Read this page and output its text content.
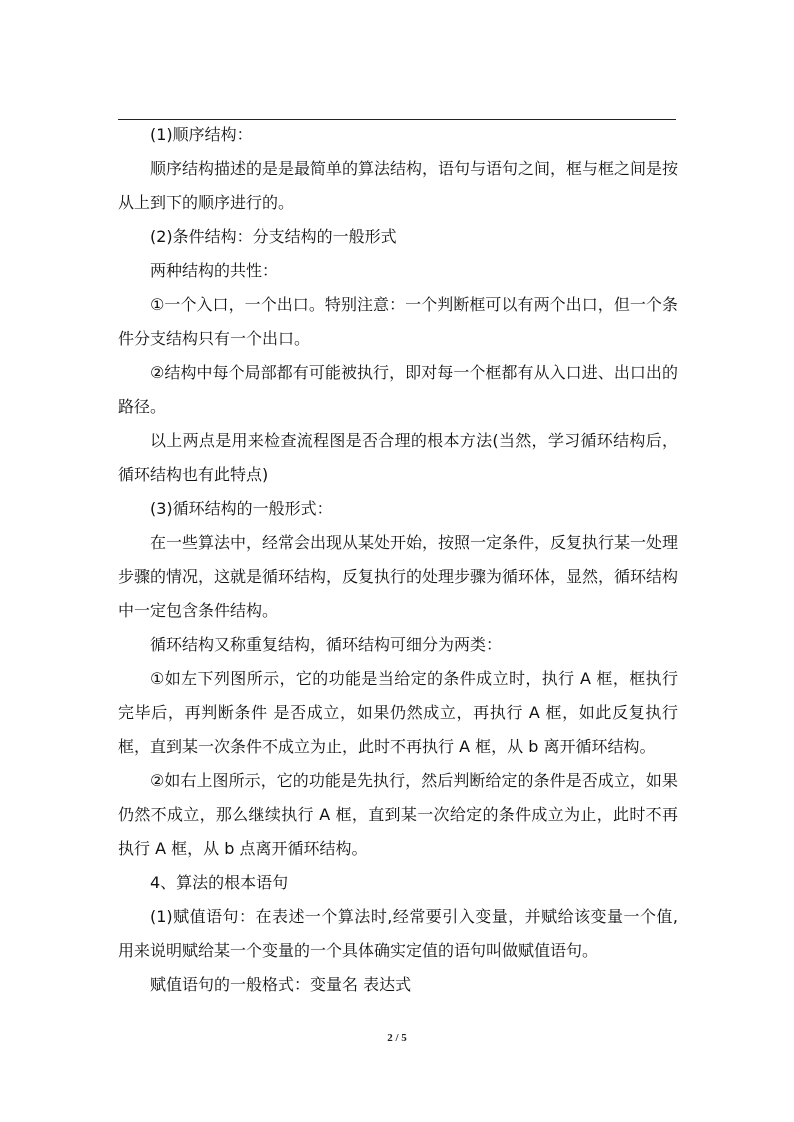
(1)顺序结构：

顺序结构描述的是是最简单的算法结构，语句与语句之间，框与框之间是按从上到下的顺序进行的。

(2)条件结构：分支结构的一般形式

两种结构的共性：

①一个入口，一个出口。特别注意：一个判断框可以有两个出口，但一个条件分支结构只有一个出口。

②结构中每个局部都有可能被执行，即对每一个框都有从入口进、出口出的路径。

以上两点是用来检查流程图是否合理的根本方法(当然，学习循环结构后，循环结构也有此特点)

(3)循环结构的一般形式：

在一些算法中，经常会出现从某处开始，按照一定条件，反复执行某一处理步骤的情况，这就是循环结构，反复执行的处理步骤为循环体，显然，循环结构中一定包含条件结构。

循环结构又称重复结构，循环结构可细分为两类：

①如左下列图所示，它的功能是当给定的条件成立时，执行 A 框，框执行完毕后，再判断条件 是否成立，如果仍然成立，再执行 A 框，如此反复执行框，直到某一次条件不成立为止，此时不再执行 A 框，从 b 离开循环结构。

②如右上图所示，它的功能是先执行，然后判断给定的条件是否成立，如果仍然不成立，那么继续执行 A 框，直到某一次给定的条件成立为止，此时不再执行 A 框，从 b 点离开循环结构。

4、算法的根本语句

(1)赋值语句：在表述一个算法时,经常要引入变量，并赋给该变量一个值,用来说明赋给某一个变量的一个具体确实定值的语句叫做赋值语句。

赋值语句的一般格式：变量名 表达式

2 / 5
